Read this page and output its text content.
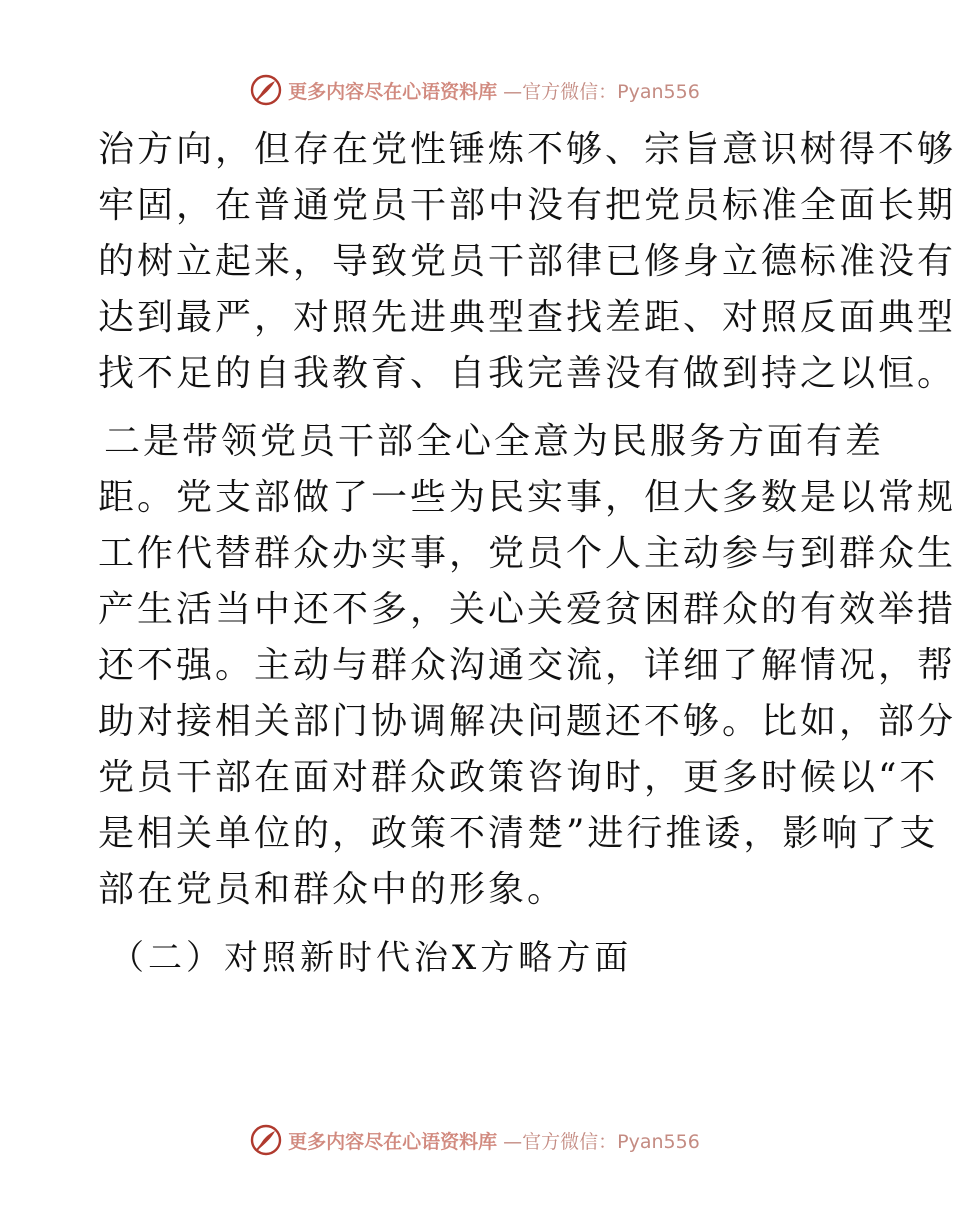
更多内容尽在心语资料库 —官方微信：Pyan556
治方向，但存在党性锤炼不够、宗旨意识树得不够
牢固，在普通党员干部中没有把党员标准全面长期
的树立起来，导致党员干部律已修身立德标准没有
达到最严，对照先进典型查找差距、对照反面典型
找不足的自我教育、自我完善没有做到持之以恒。
二是带领党员干部全心全意为民服务方面有差
距。党支部做了一些为民实事，但大多数是以常规
工作代替群众办实事，党员个人主动参与到群众生
产生活当中还不多，关心关爱贫困群众的有效举措
还不强。主动与群众沟通交流，详细了解情况，帮
助对接相关部门协调解决问题还不够。比如，部分
党员干部在面对群众政策咨询时，更多时候以“不
是相关单位的，政策不清楚”进行推诿，影响了支
部在党员和群众中的形象。
（二）对照新时代治X方略方面
更多内容尽在心语资料库 —官方微信：Pyan556
